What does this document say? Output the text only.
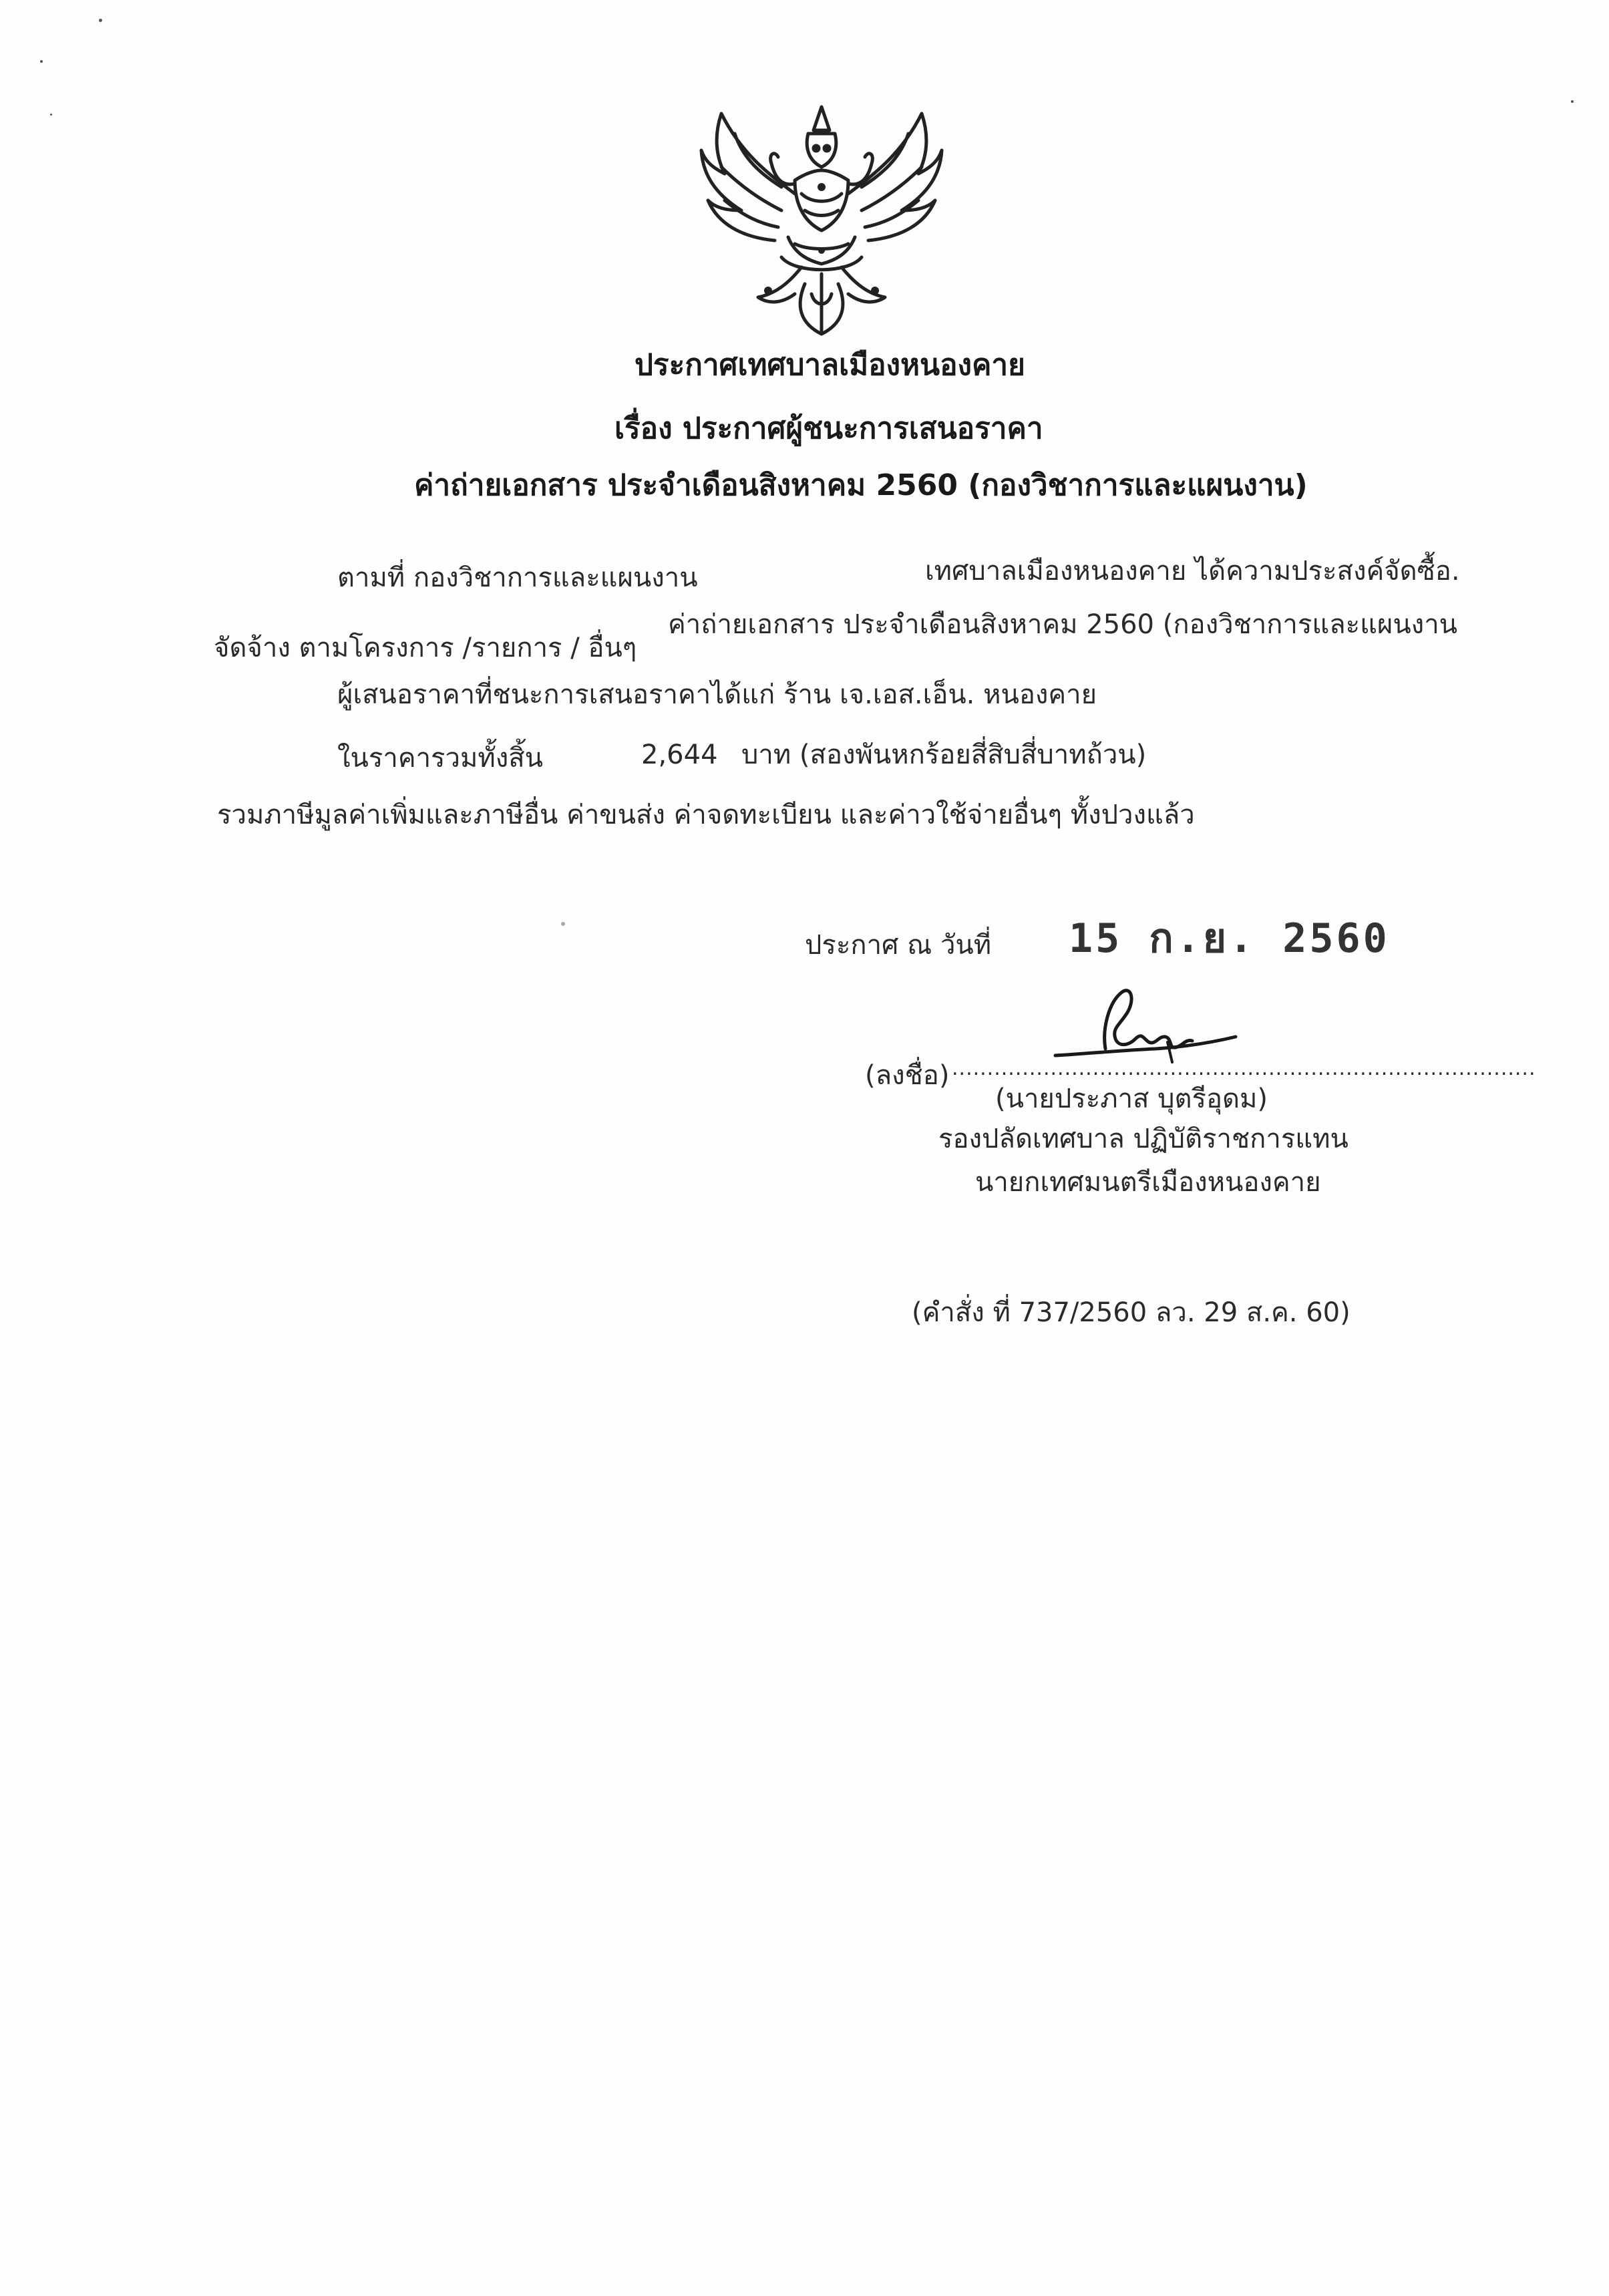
ประกาศเทศบาลเมืองหนองคาย
เรื่อง ประกาศผู้ชนะการเสนอราคา
ค่าถ่ายเอกสาร ประจำเดือนสิงหาคม 2560 (กองวิชาการและแผนงาน)
ตามที่ กองวิชาการและแผนงาน	เทศบาลเมืองหนองคาย ได้ความประสงค์จัดซื้อ.
จัดจ้าง ตามโครงการ /รายการ / อื่นๆ
ค่าถ่ายเอกสาร ประจำเดือนสิงหาคม 2560 (กองวิชาการและแผนงาน
ผู้เสนอราคาที่ชนะการเสนอราคาได้แก่ ร้าน เจ.เอส.เอ็น. หนองคาย
ในราคารวมทั้งสิ้น	2,644 บาท (สองพันหกร้อยสี่สิบสี่บาทถ้วน)
รวมภาษีมูลค่าเพิ่มและภาษีอื่น ค่าขนส่ง ค่าจดทะเบียน และค่าวใช้จ่ายอื่นๆ ทั้งปวงแล้ว
ประกาศ ณ วันที่ 15 ก.ย. 2560
(ลงชื่อ) ...................................................................................
(นายประภาส บุตรีอุดม)
รองปลัดเทศบาล ปฏิบัติราชการแทน
นายกเทศมนตรีเมืองหนองคาย
(คำสั่ง ที่ 737/2560 ลว. 29 ส.ค. 60)
